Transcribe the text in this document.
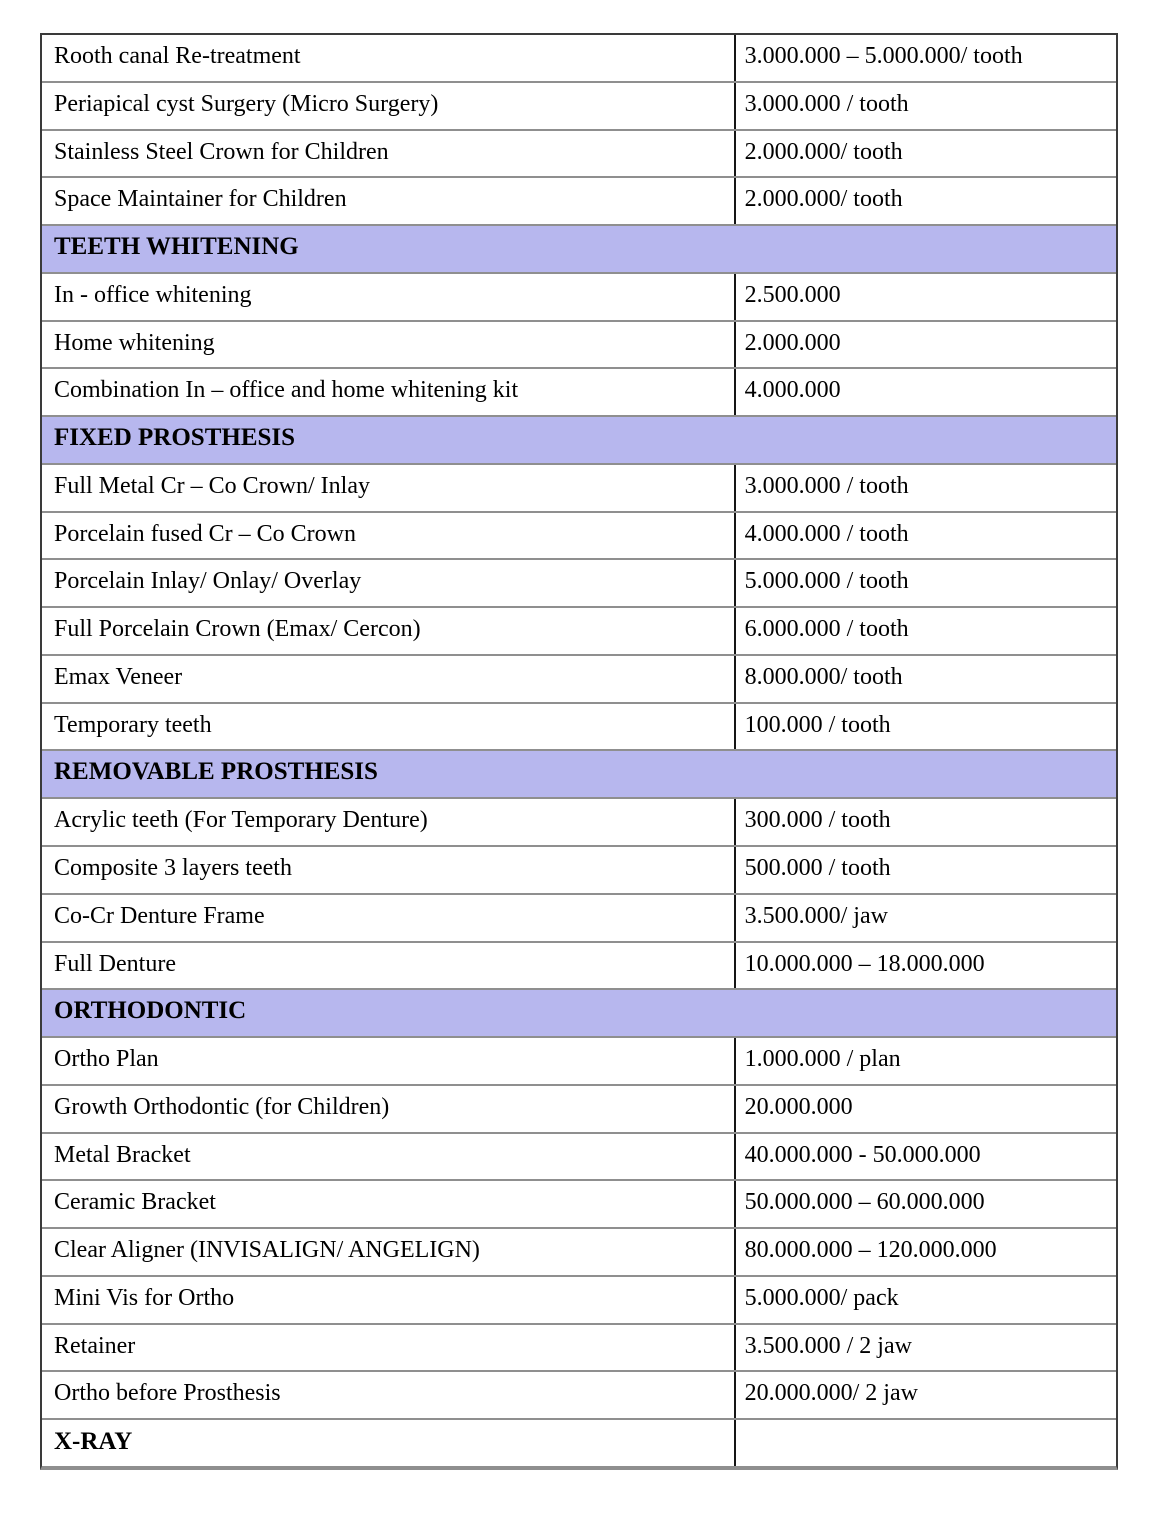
Rooth canal Re-treatment	3.000.000 – 5.000.000/ tooth
Periapical cyst Surgery (Micro Surgery)	3.000.000 / tooth
Stainless Steel Crown for Children	2.000.000/ tooth
Space Maintainer for Children	2.000.000/ tooth
TEETH WHITENING
In - office whitening	2.500.000
Home whitening	2.000.000
Combination In – office and home whitening kit	4.000.000
FIXED PROSTHESIS
Full Metal Cr – Co Crown/ Inlay	3.000.000 / tooth
Porcelain fused Cr – Co Crown	4.000.000 / tooth
Porcelain Inlay/ Onlay/ Overlay	5.000.000 / tooth
Full Porcelain Crown (Emax/ Cercon)	6.000.000 / tooth
Emax Veneer	8.000.000/ tooth
Temporary teeth	100.000 / tooth
REMOVABLE PROSTHESIS
Acrylic teeth (For Temporary Denture)	300.000 / tooth
Composite 3 layers teeth	500.000 / tooth
Co-Cr Denture Frame	3.500.000/ jaw
Full Denture	10.000.000 – 18.000.000
ORTHODONTIC
Ortho Plan	1.000.000 / plan
Growth Orthodontic (for Children)	20.000.000
Metal Bracket	40.000.000 - 50.000.000
Ceramic Bracket	50.000.000 – 60.000.000
Clear Aligner (INVISALIGN/ ANGELIGN)	80.000.000 – 120.000.000
Mini Vis for Ortho	5.000.000/ pack
Retainer	3.500.000 / 2 jaw
Ortho before Prosthesis	20.000.000/ 2 jaw
X-RAY
